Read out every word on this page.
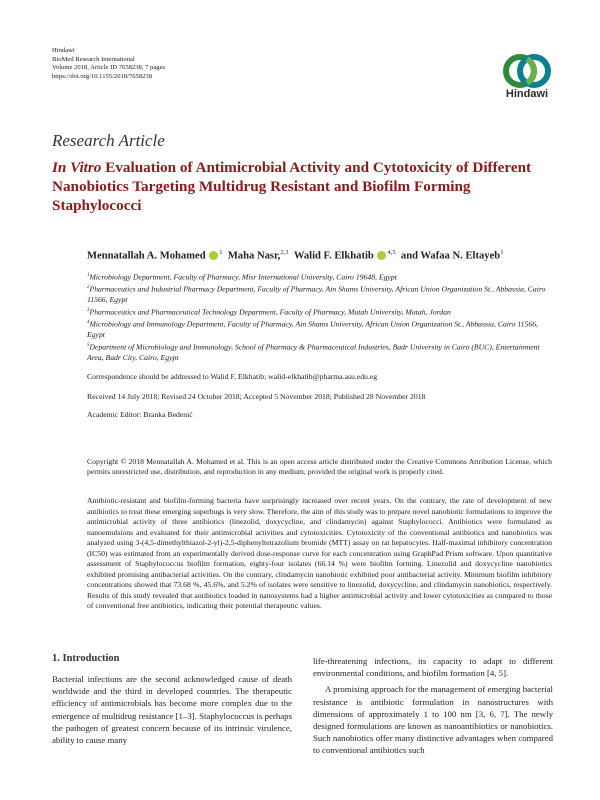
Hindawi
BioMed Research International
Volume 2018, Article ID 7658238, 7 pages
https://doi.org/10.1155/2018/7658238
Hindawi
Research Article
In Vitro Evaluation of Antimicrobial Activity and Cytotoxicity of Different Nanobiotics Targeting Multidrug Resistant and Biofilm Forming Staphylococci
Mennatallah A. Mohamed $^1$ Maha Nasr,$^{2,3}$ Walid F. Elkhatib $^{4,5}$ and Wafaa N. Eltayeb$^1$
$^1$Microbiology Department, Faculty of Pharmacy, Misr International University, Cairo 19648, Egypt
$^2$Pharmaceutics and Industrial Pharmacy Department, Faculty of Pharmacy, Ain Shams University, African Union Organization St., Abbassia, Cairo 11566, Egypt
$^3$Pharmaceutics and Pharmaceutical Technology Department, Faculty of Pharmacy, Mutah University, Mutah, Jordan
$^4$Microbiology and Immunology Department, Faculty of Pharmacy, Ain Shams University, African Union Organization St., Abbassia, Cairo 11566, Egypt
$^5$Department of Microbiology and Immunology, School of Pharmacy & Pharmaceutical Industries, Badr University in Cairo (BUC), Entertainment Area, Badr City, Cairo, Egypt
Correspondence should be addressed to Walid F. Elkhatib; walid-elkhatib@pharma.asu.edu.eg
Received 14 July 2018; Revised 24 October 2018; Accepted 5 November 2018; Published 28 November 2018
Academic Editor: Branka Bedenić
Copyright © 2018 Mennatallah A. Mohamed et al. This is an open access article distributed under the Creative Commons Attribution License, which permits unrestricted use, distribution, and reproduction in any medium, provided the original work is properly cited.
Antibiotic-resistant and biofilm-forming bacteria have surprisingly increased over recent years. On the contrary, the rate of development of new antibiotics to treat these emerging superbugs is very slow. Therefore, the aim of this study was to prepare novel nanobiotic formulations to improve the antimicrobial activity of three antibiotics (linezolid, doxycycline, and clindamycin) against Staphylococci. Antibiotics were formulated as nanoemulsions and evaluated for their antimicrobial activities and cytotoxicities. Cytotoxicity of the conventional antibiotics and nanobiotics was analyzed using 3-(4,5-dimethylthiazol-2-yl)-2,5-diphenyltetrazolium bromide (MTT) assay on rat hepatocytes. Half-maximal inhibitory concentration (IC50) was estimated from an experimentally derived dose-response curve for each concentration using GraphPad Prism software. Upon quantitative assessment of Staphylococcus biofilm formation, eighty-four isolates (66.14 %) were biofilm forming. Linezolid and doxycycline nanobiotics exhibited promising antibacterial activities. On the contrary, clindamycin nanobiotic exhibited poor antibacterial activity. Minimum biofilm inhibitory concentrations showed that 73.68 %, 45.6%, and 5.2% of isolates were sensitive to linezolid, doxycycline, and clindamycin nanobiotics, respectively. Results of this study revealed that antibiotics loaded in nanosystems had a higher antimicrobial activity and lower cytotoxicities as compared to those of conventional free antibiotics, indicating their potential therapeutic values.
1. Introduction

Bacterial infections are the second acknowledged cause of death worldwide and the third in developed countries. The therapeutic efficiency of antimicrobials has become more complex due to the emergence of multidrug resistance [1–3]. Staphylococcus is perhaps the pathogen of greatest concern because of its intrinsic virulence, ability to cause many

life-threatening infections, its capacity to adapt to different environmental conditions, and biofilm formation [4, 5].

A promising approach for the management of emerging bacterial resistance is antibiotic formulation in nanostructures with dimensions of approximately 1 to 100 nm [3, 6, 7]. The newly designed formulations are known as nanoantibiotics or nanobiotics. Such nanobiotics offer many distinctive advantages when compared to conventional antibiotics such
